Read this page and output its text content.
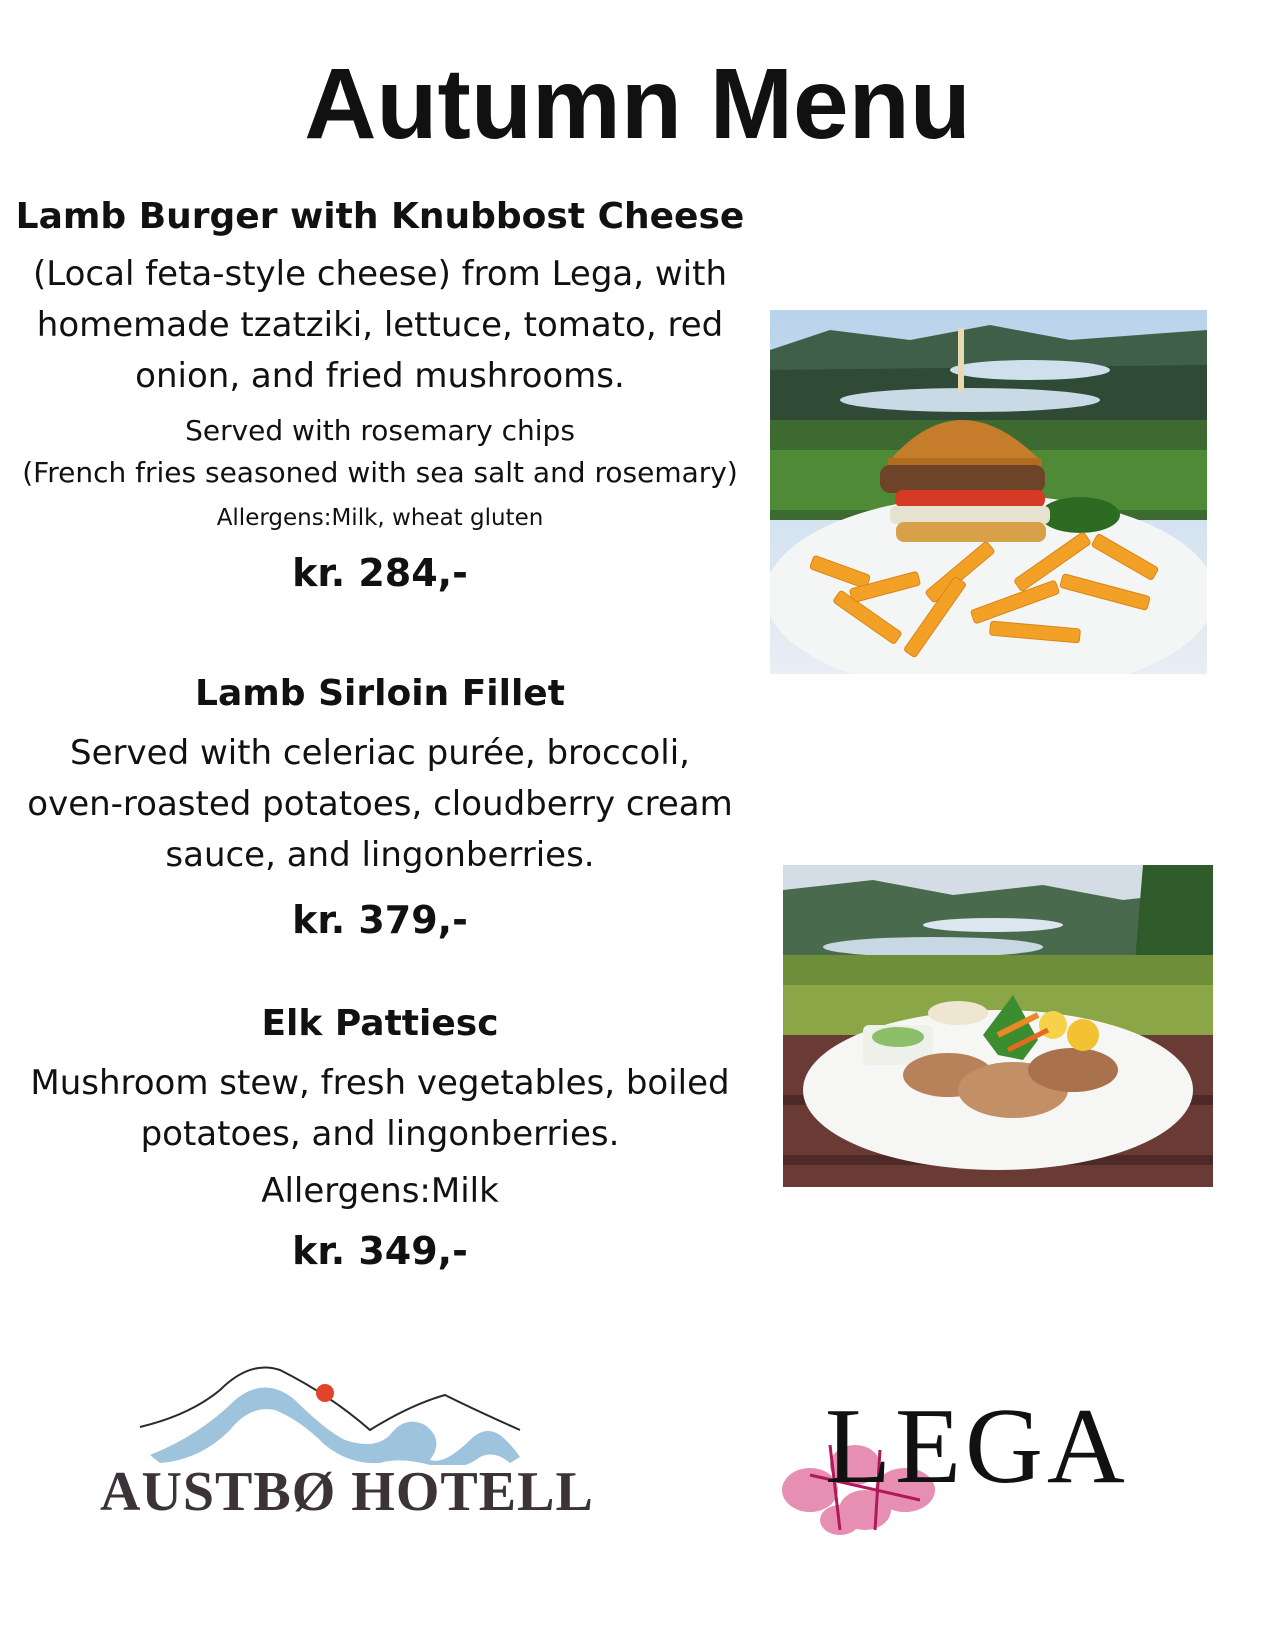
Autumn Menu
Lamb Burger with Knubbost Cheese

(Local feta-style cheese) from Lega, with

homemade tzatziki, lettuce, tomato, red

onion, and fried mushrooms.

Served with rosemary chips

(French fries seasoned with sea salt and rosemary)

Allergens:Milk, wheat gluten

kr. 284,-

Lamb Sirloin Fillet

Served with celeriac purée, broccoli,

oven-roasted potatoes, cloudberry cream

sauce, and lingonberries.

kr. 379,-

Elk Pattiesc

Mushroom stew, fresh vegetables, boiled

potatoes, and lingonberries.

Allergens:Milk

kr. 349,-

AUSTBØ HOTELL LEGA
